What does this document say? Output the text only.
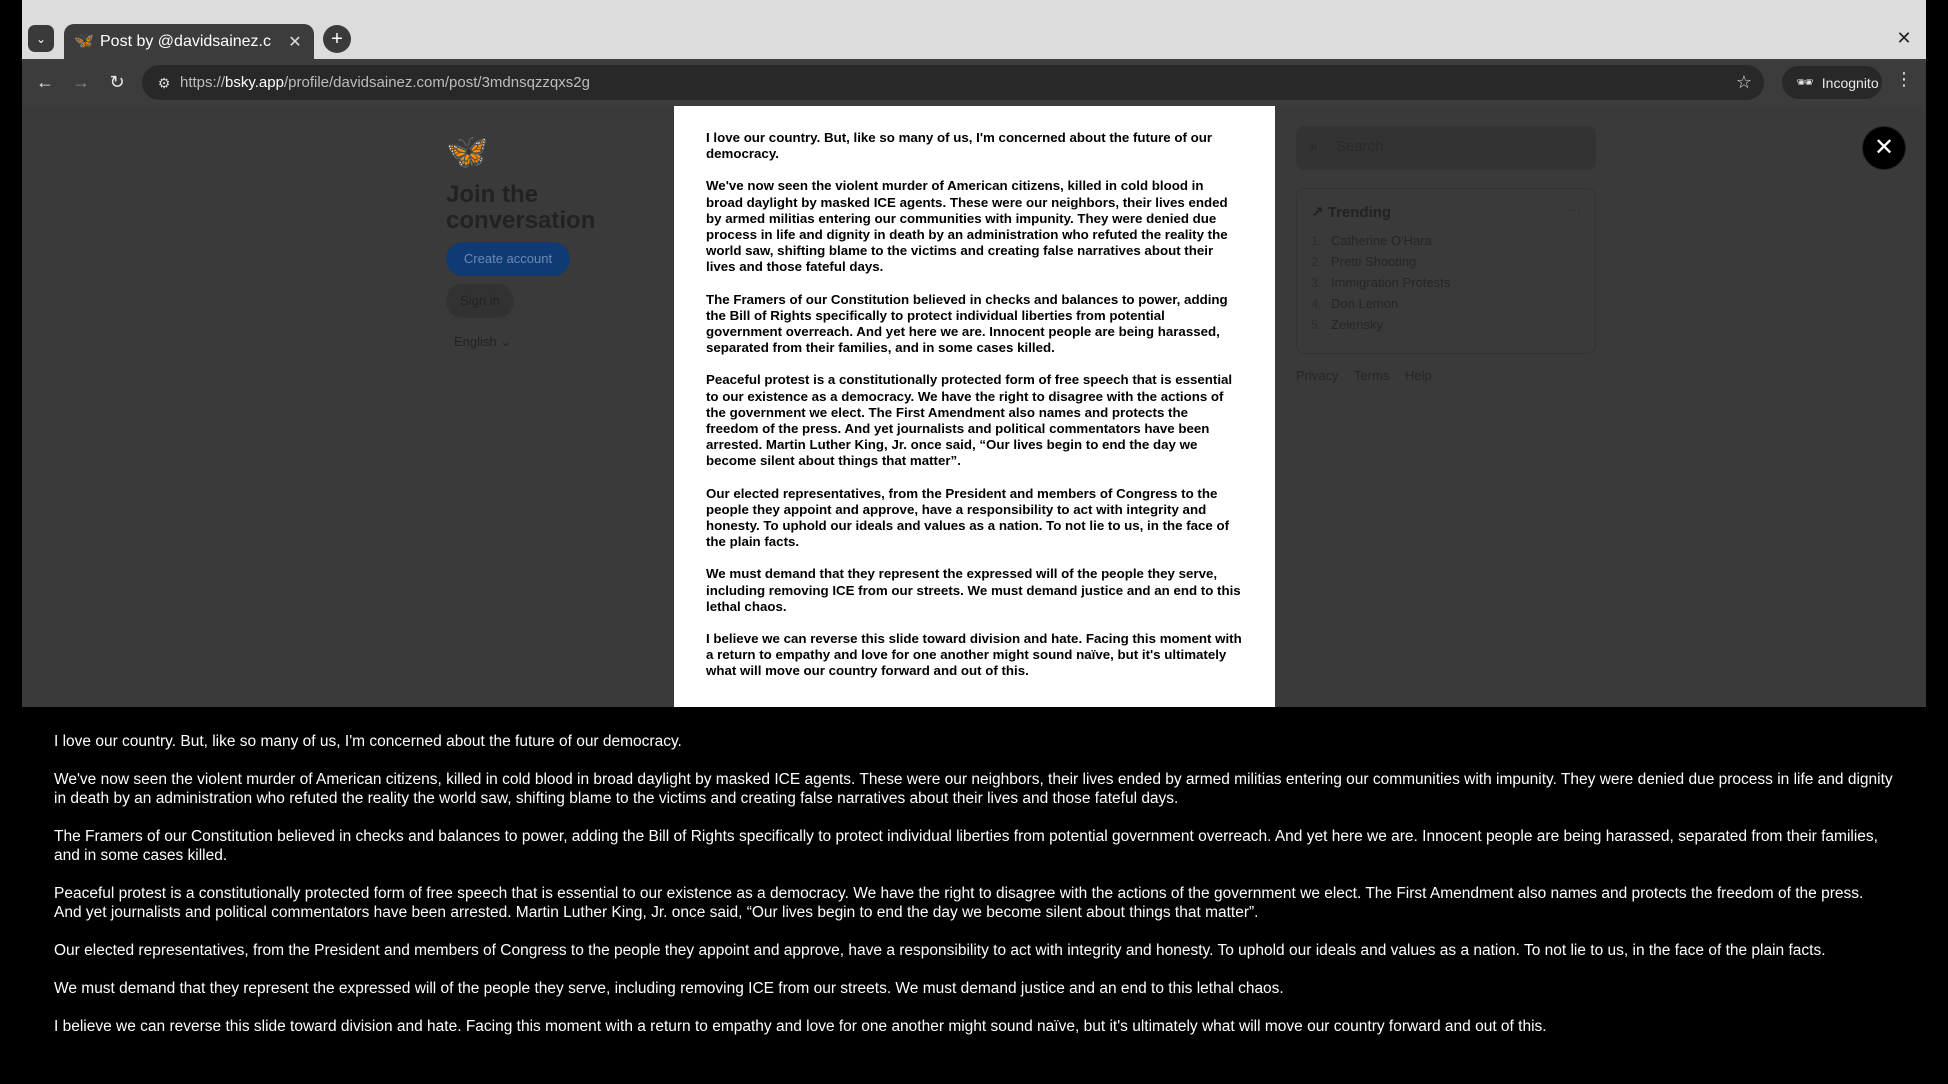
⌄ 🦋 Post by @davidsainez.c	✕ +	✕
← →	↻	⚙ https://bsky.app/profile/davidsainez.com/post/3mdnsqzzqxs2g	☆	🕶 Incognito ⋮
🦋
Join the conversation
Create account
Sign in
English ⌄
⌕ Search
↗ Trending	···
1. Catherine O'Hara
2. Pretti Shooting
3. Immigration Protests
4. Don Lemon
5. Zelensky
Privacy Terms Help

I love our country. But, like so many of us, I'm concerned about the future of our democracy.

We've now seen the violent murder of American citizens, killed in cold blood in broad daylight by masked ICE agents. These were our neighbors, their lives ended by armed militias entering our communities with impunity. They were denied due process in life and dignity in death by an administration who refuted the reality the world saw, shifting blame to the victims and creating false narratives about their lives and those fateful days.

The Framers of our Constitution believed in checks and balances to power, adding the Bill of Rights specifically to protect individual liberties from potential government overreach. And yet here we are. Innocent people are being harassed, separated from their families, and in some cases killed.

Peaceful protest is a constitutionally protected form of free speech that is essential to our existence as a democracy. We have the right to disagree with the actions of the government we elect. The First Amendment also names and protects the freedom of the press. And yet journalists and political commentators have been arrested. Martin Luther King, Jr. once said, “Our lives begin to end the day we become silent about things that matter”.

Our elected representatives, from the President and members of Congress to the people they appoint and approve, have a responsibility to act with integrity and honesty. To uphold our ideals and values as a nation. To not lie to us, in the face of the plain facts.

We must demand that they represent the expressed will of the people they serve, including removing ICE from our streets. We must demand justice and an end to this lethal chaos.

I believe we can reverse this slide toward division and hate. Facing this moment with a return to empathy and love for one another might sound naïve, but it's ultimately what will move our country forward and out of this.

✕

I love our country. But, like so many of us, I'm concerned about the future of our democracy.

We've now seen the violent murder of American citizens, killed in cold blood in broad daylight by masked ICE agents. These were our neighbors, their lives ended by armed militias entering our communities with impunity. They were denied due process in life and dignity in death by an administration who refuted the reality the world saw, shifting blame to the victims and creating false narratives about their lives and those fateful days.

The Framers of our Constitution believed in checks and balances to power, adding the Bill of Rights specifically to protect individual liberties from potential government overreach. And yet here we are. Innocent people are being harassed, separated from their families, and in some cases killed.

Peaceful protest is a constitutionally protected form of free speech that is essential to our existence as a democracy. We have the right to disagree with the actions of the government we elect. The First Amendment also names and protects the freedom of the press. And yet journalists and political commentators have been arrested. Martin Luther King, Jr. once said, “Our lives begin to end the day we become silent about things that matter”.

Our elected representatives, from the President and members of Congress to the people they appoint and approve, have a responsibility to act with integrity and honesty. To uphold our ideals and values as a nation. To not lie to us, in the face of the plain facts.

We must demand that they represent the expressed will of the people they serve, including removing ICE from our streets. We must demand justice and an end to this lethal chaos.

I believe we can reverse this slide toward division and hate. Facing this moment with a return to empathy and love for one another might sound naïve, but it's ultimately what will move our country forward and out of this.
